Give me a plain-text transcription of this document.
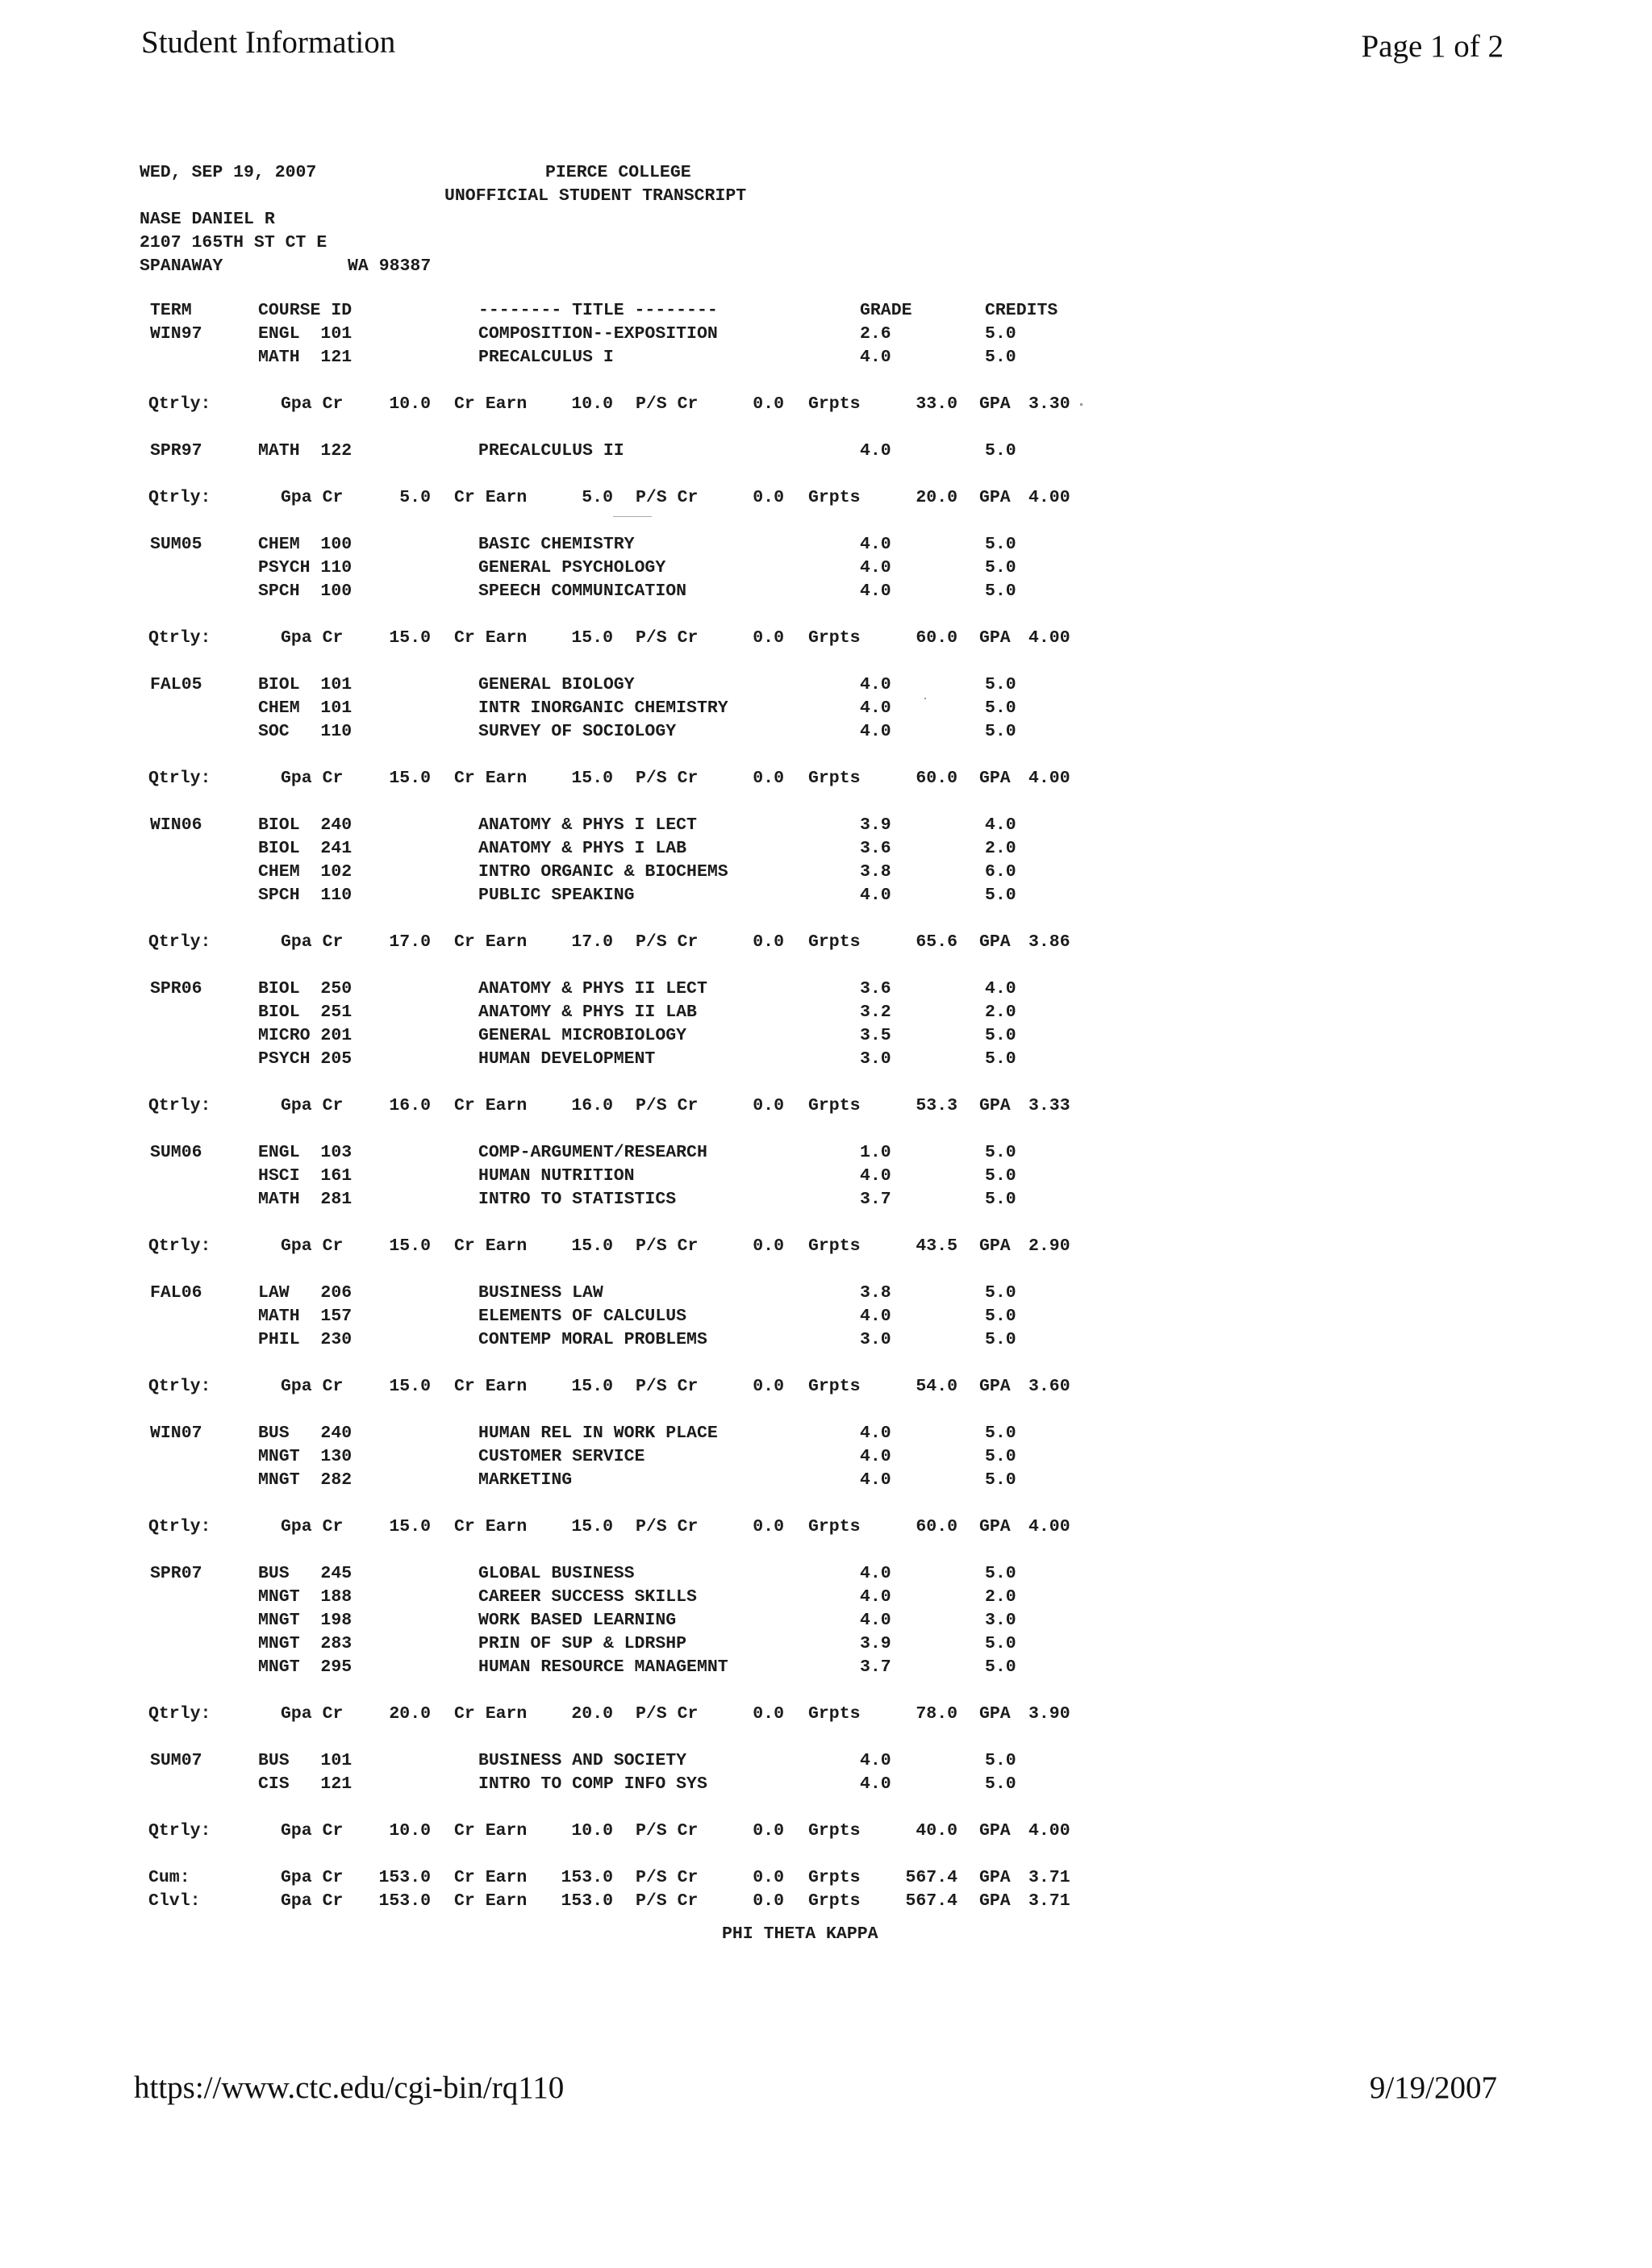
Student Information	Page 1 of 2
WED, SEP 19, 2007	PIERCE COLLEGE
UNOFFICIAL STUDENT TRANSCRIPT
NASE DANIEL R
2107 165TH ST CT E
SPANAWAY	WA 98387
TERM	COURSE ID	-------- TITLE --------	GRADE	CREDITS
WIN97	ENGL  101	COMPOSITION--EXPOSITION	2.6	5.0
MATH  121	PRECALCULUS I	4.0	5.0
Qtrly:	Gpa Cr	10.0 Cr Earn	10.0 P/S Cr	0.0 Grpts	33.0 GPA 3.30
SPR97	MATH  122	PRECALCULUS II	4.0	5.0
Qtrly:	Gpa Cr	5.0 Cr Earn	5.0 P/S Cr	0.0 Grpts	20.0 GPA 4.00
SUM05	CHEM  100	BASIC CHEMISTRY	4.0	5.0
PSYCH 110	GENERAL PSYCHOLOGY	4.0	5.0
SPCH  100	SPEECH COMMUNICATION	4.0	5.0
Qtrly:	Gpa Cr	15.0 Cr Earn	15.0 P/S Cr	0.0 Grpts	60.0 GPA 4.00
FAL05	BIOL  101	GENERAL BIOLOGY	4.0	5.0
CHEM  101	INTR INORGANIC CHEMISTRY	4.0	5.0
SOC   110	SURVEY OF SOCIOLOGY	4.0	5.0
Qtrly:	Gpa Cr	15.0 Cr Earn	15.0 P/S Cr	0.0 Grpts	60.0 GPA 4.00
WIN06	BIOL  240	ANATOMY & PHYS I LECT	3.9	4.0
BIOL  241	ANATOMY & PHYS I LAB	3.6	2.0
CHEM  102	INTRO ORGANIC & BIOCHEMS	3.8	6.0
SPCH  110	PUBLIC SPEAKING	4.0	5.0
Qtrly:	Gpa Cr	17.0 Cr Earn	17.0 P/S Cr	0.0 Grpts	65.6 GPA 3.86
SPR06	BIOL  250	ANATOMY & PHYS II LECT	3.6	4.0
BIOL  251	ANATOMY & PHYS II LAB	3.2	2.0
MICRO 201	GENERAL MICROBIOLOGY	3.5	5.0
PSYCH 205	HUMAN DEVELOPMENT	3.0	5.0
Qtrly:	Gpa Cr	16.0 Cr Earn	16.0 P/S Cr	0.0 Grpts	53.3 GPA 3.33
SUM06	ENGL  103	COMP-ARGUMENT/RESEARCH	1.0	5.0
HSCI  161	HUMAN NUTRITION	4.0	5.0
MATH  281	INTRO TO STATISTICS	3.7	5.0
Qtrly:	Gpa Cr	15.0 Cr Earn	15.0 P/S Cr	0.0 Grpts	43.5 GPA 2.90
FAL06	LAW   206	BUSINESS LAW	3.8	5.0
MATH  157	ELEMENTS OF CALCULUS	4.0	5.0
PHIL  230	CONTEMP MORAL PROBLEMS	3.0	5.0
Qtrly:	Gpa Cr	15.0 Cr Earn	15.0 P/S Cr	0.0 Grpts	54.0 GPA 3.60
WIN07	BUS   240	HUMAN REL IN WORK PLACE	4.0	5.0
MNGT  130	CUSTOMER SERVICE	4.0	5.0
MNGT  282	MARKETING	4.0	5.0
Qtrly:	Gpa Cr	15.0 Cr Earn	15.0 P/S Cr	0.0 Grpts	60.0 GPA 4.00
SPR07	BUS   245	GLOBAL BUSINESS	4.0	5.0
MNGT  188	CAREER SUCCESS SKILLS	4.0	2.0
MNGT  198	WORK BASED LEARNING	4.0	3.0
MNGT  283	PRIN OF SUP & LDRSHP	3.9	5.0
MNGT  295	HUMAN RESOURCE MANAGEMNT	3.7	5.0
Qtrly:	Gpa Cr	20.0 Cr Earn	20.0 P/S Cr	0.0 Grpts	78.0 GPA 3.90
SUM07	BUS   101	BUSINESS AND SOCIETY	4.0	5.0
CIS   121	INTRO TO COMP INFO SYS	4.0	5.0
Qtrly:	Gpa Cr	10.0 Cr Earn	10.0 P/S Cr	0.0 Grpts	40.0 GPA 4.00
Cum:	Gpa Cr 153.0 Cr Earn 153.0 P/S Cr	0.0 Grpts	567.4 GPA 3.71
Clvl:	Gpa Cr 153.0 Cr Earn 153.0 P/S Cr	0.0 Grpts	567.4 GPA 3.71
PHI THETA KAPPA
https://www.ctc.edu/cgi-bin/rq110	9/19/2007
